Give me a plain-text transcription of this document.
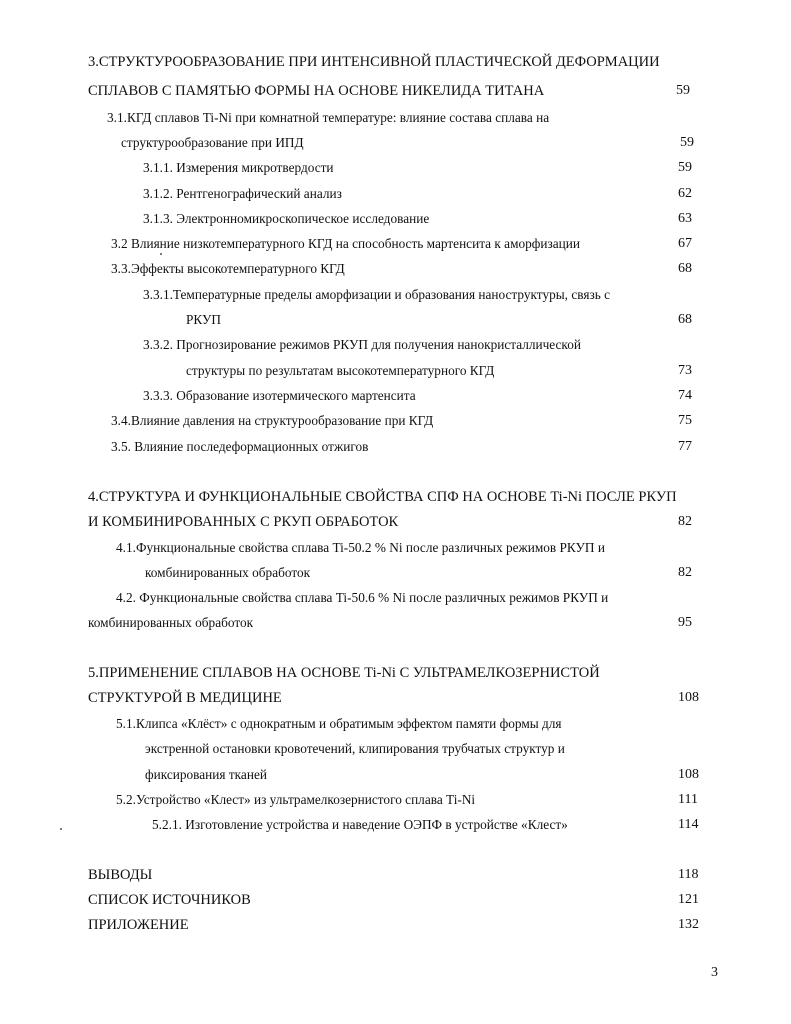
3.СТРУКТУРООБРАЗОВАНИЕ ПРИ ИНТЕНСИВНОЙ ПЛАСТИЧЕСКОЙ ДЕФОРМАЦИИ
СПЛАВОВ С ПАМЯТЬЮ ФОРМЫ НА ОСНОВЕ НИКЕЛИДА ТИТАНА	59
3.1.КГД сплавов Ti-Ni при комнатной температуре: влияние состава сплава на
структурообразование при ИПД	59
3.1.1. Измерения микротвердости	59
3.1.2. Рентгенографический анализ	62
3.1.3. Электронномикроскопическое исследование	63
3.2 Влияние низкотемпературного КГД на способность мартенсита к аморфизации	67
3.3.Эффекты высокотемпературного КГД	68
3.3.1.Температурные пределы аморфизации и образования наноструктуры, связь с
РКУП	68
3.3.2. Прогнозирование режимов РКУП для получения нанокристаллической
структуры по результатам высокотемпературного КГД	73
3.3.3. Образование изотермического мартенсита	74
3.4.Влияние давления на структурообразование при КГД	75
3.5. Влияние последеформационных отжигов	77
4.СТРУКТУРА И ФУНКЦИОНАЛЬНЫЕ СВОЙСТВА СПФ НА ОСНОВЕ Ti-Ni ПОСЛЕ РКУП
И КОМБИНИРОВАННЫХ С РКУП ОБРАБОТОК	82
4.1.Функциональные свойства сплава Ti-50.2 % Ni после различных режимов РКУП и
комбинированных обработок	82
4.2. Функциональные свойства сплава Ti-50.6 % Ni после различных режимов РКУП и
комбинированных обработок	95
5.ПРИМЕНЕНИЕ СПЛАВОВ НА ОСНОВЕ Ti-Ni С УЛЬТРАМЕЛКОЗЕРНИСТОЙ
СТРУКТУРОЙ В МЕДИЦИНЕ	108
5.1.Клипса «Клёст» с однократным и обратимым эффектом памяти формы для
экстренной остановки кровотечений, клипирования трубчатых структур и
фиксирования тканей	108
5.2.Устройство «Клест» из ультрамелкозернистого сплава Ti-Ni	111
5.2.1. Изготовление устройства и наведение ОЭПФ в устройстве «Клест»	114
ВЫВОДЫ	118
СПИСОК ИСТОЧНИКОВ	121
ПРИЛОЖЕНИЕ	132
3
